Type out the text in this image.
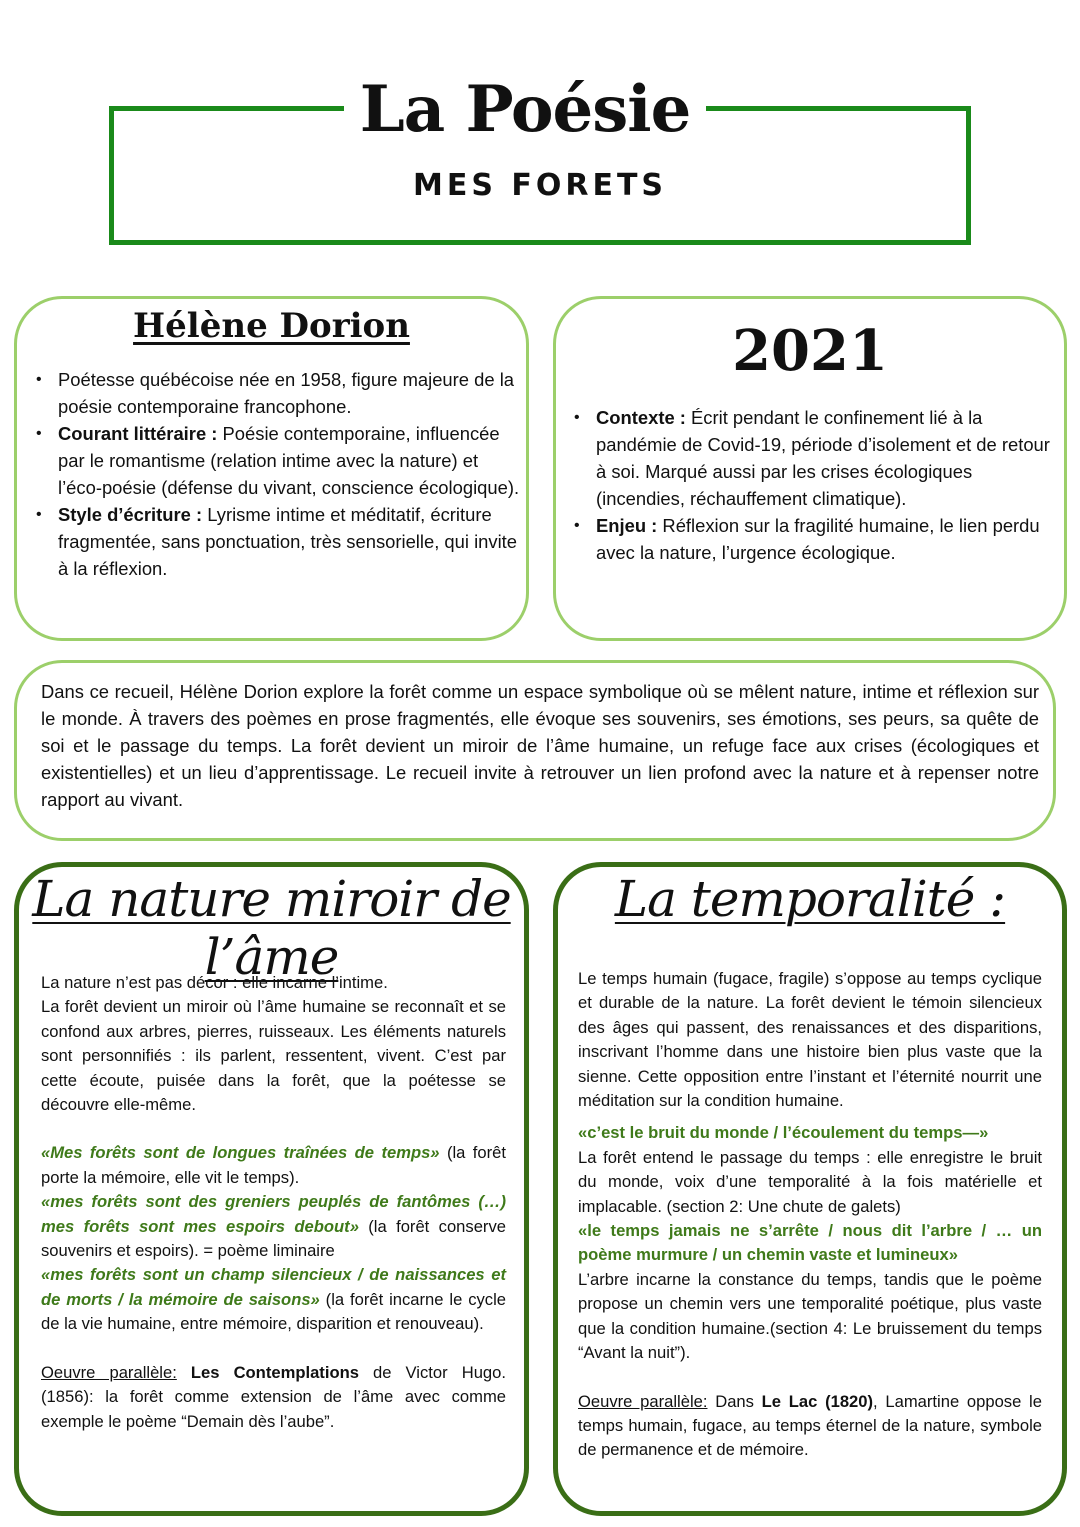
La Poésie
MES FORETS
Hélène Dorion
• Poétesse québécoise née en 1958, figure majeure de la poésie contemporaine francophone.
• Courant littéraire : Poésie contemporaine, influencée par le romantisme (relation intime avec la nature) et l’éco-poésie (défense du vivant, conscience écologique).
• Style d’écriture : Lyrisme intime et méditatif, écriture fragmentée, sans ponctuation, très sensorielle, qui invite à la réflexion.
2021
• Contexte : Écrit pendant le confinement lié à la pandémie de Covid-19, période d’isolement et de retour à soi. Marqué aussi par les crises écologiques (incendies, réchauffement climatique).
• Enjeu : Réflexion sur la fragilité humaine, le lien perdu avec la nature, l’urgence écologique.
Dans ce recueil, Hélène Dorion explore la forêt comme un espace symbolique où se mêlent nature, intime et réflexion sur le monde. À travers des poèmes en prose fragmentés, elle évoque ses souvenirs, ses émotions, ses peurs, sa quête de soi et le passage du temps. La forêt devient un miroir de l’âme humaine, un refuge face aux crises (écologiques et existentielles) et un lieu d’apprentissage. Le recueil invite à retrouver un lien profond avec la nature et à repenser notre rapport au vivant.
La nature miroir de l’âme

La nature n’est pas décor : elle incarne l’intime.

La forêt devient un miroir où l’âme humaine se reconnaît et se confond aux arbres, pierres, ruisseaux. Les éléments naturels sont personnifiés : ils parlent, ressentent, vivent. C’est par cette écoute, puisée dans la forêt, que la poétesse se découvre elle-même.

«Mes forêts sont de longues traînées de temps» (la forêt porte la mémoire, elle vit le temps).

«mes forêts sont des greniers peuplés de fantômes (…) mes forêts sont mes espoirs debout» (la forêt conserve souvenirs et espoirs). = poème liminaire

«mes forêts sont un champ silencieux / de naissances et de morts / la mémoire de saisons» (la forêt incarne le cycle de la vie humaine, entre mémoire, disparition et renouveau).

Oeuvre parallèle: Les Contemplations de Victor Hugo. (1856): la forêt comme extension de l’âme avec comme exemple le poème “Demain dès l’aube”.

La temporalité :

Le temps humain (fugace, fragile) s’oppose au temps cyclique et durable de la nature. La forêt devient le témoin silencieux des âges qui passent, des renaissances et des disparitions, inscrivant l’homme dans une histoire bien plus vaste que la sienne. Cette opposition entre l’instant et l’éternité nourrit une méditation sur la condition humaine.

«c’est le bruit du monde / l’écoulement du temps—»

La forêt entend le passage du temps : elle enregistre le bruit du monde, voix d’une temporalité à la fois matérielle et implacable. (section 2: Une chute de galets)

«le temps jamais ne s’arrête / nous dit l’arbre / … un poème murmure / un chemin vaste et lumineux»

L’arbre incarne la constance du temps, tandis que le poème propose un chemin vers une temporalité poétique, plus vaste que la condition humaine.(section 4: Le bruissement du temps “Avant la nuit”).

Oeuvre parallèle: Dans Le Lac (1820), Lamartine oppose le temps humain, fugace, au temps éternel de la nature, symbole de permanence et de mémoire.
